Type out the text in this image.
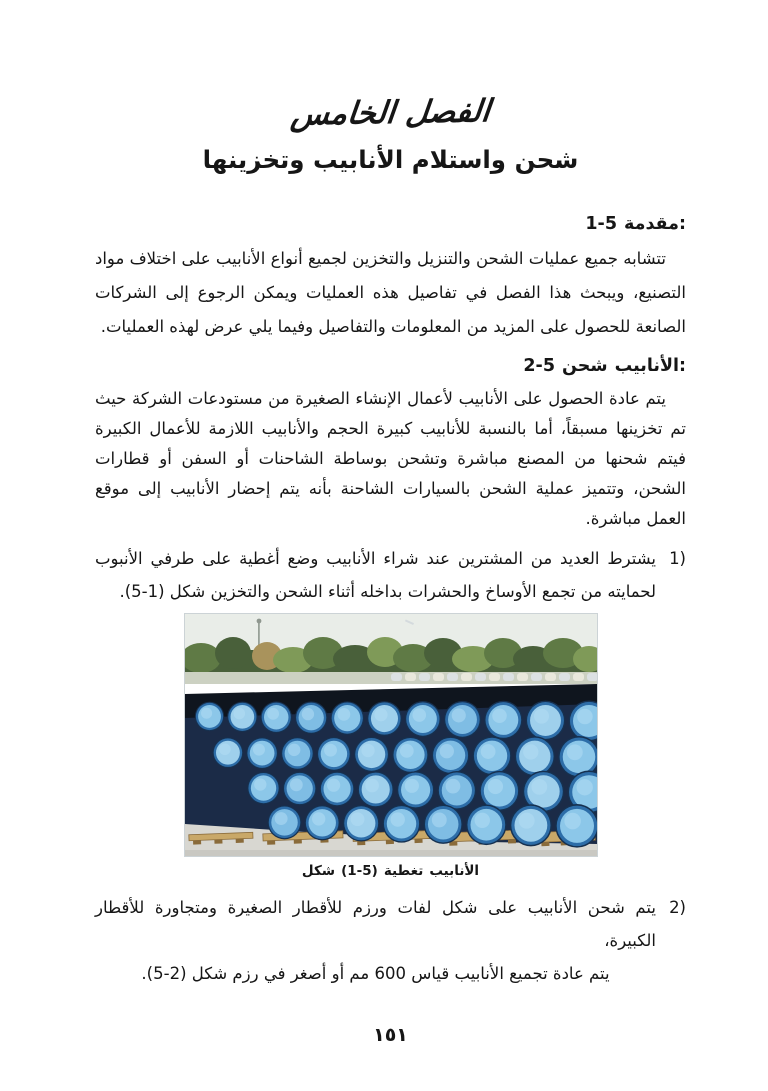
الفصل الخامس
شحن واستلام الأنابيب وتخزينها
1-5 مقدمة:

تتشابه جميع عمليات الشحن والتنزيل والتخزين لجميع أنواع الأنابيب على اختلاف مواد التصنيع، ويبحث هذا الفصل في تفاصيل هذه العمليات ويمكن الرجوع إلى الشركات الصانعة للحصول على المزيد من المعلومات والتفاصيل وفيما يلي عرض لهذه العمليات.

2-5 شحن الأنابيب:

يتم عادة الحصول على الأنابيب لأعمال الإنشاء الصغيرة من مستودعات الشركة حيث تم تخزينها مسبقاً، أما بالنسبة للأنابيب كبيرة الحجم والأنابيب اللازمة للأعمال الكبيرة فيتم شحنها من المصنع مباشرة وتشحن بوساطة الشاحنات أو السفن أو قطارات الشحن، وتتميز عملية الشحن بالسيارات الشاحنة بأنه يتم إحضار الأنابيب إلى موقع العمل مباشرة.

1)
يشترط العديد من المشترين عند شراء الأنابيب وضع أغطية على طرفي الأنبوب لحمايته من تجمع الأوساخ والحشرات بداخله أثناء الشحن والتخزين شكل (1-5).
شكل (1-5) تغطية الأنابيب
2)
يتم شحن الأنابيب على شكل لفات ورزم للأقطار الصغيرة ومتجاورة للأقطار الكبيرة،
يتم عادة تجميع الأنابيب قياس 600 مم أو أصغر في رزم شكل (2-5).
١٥١
